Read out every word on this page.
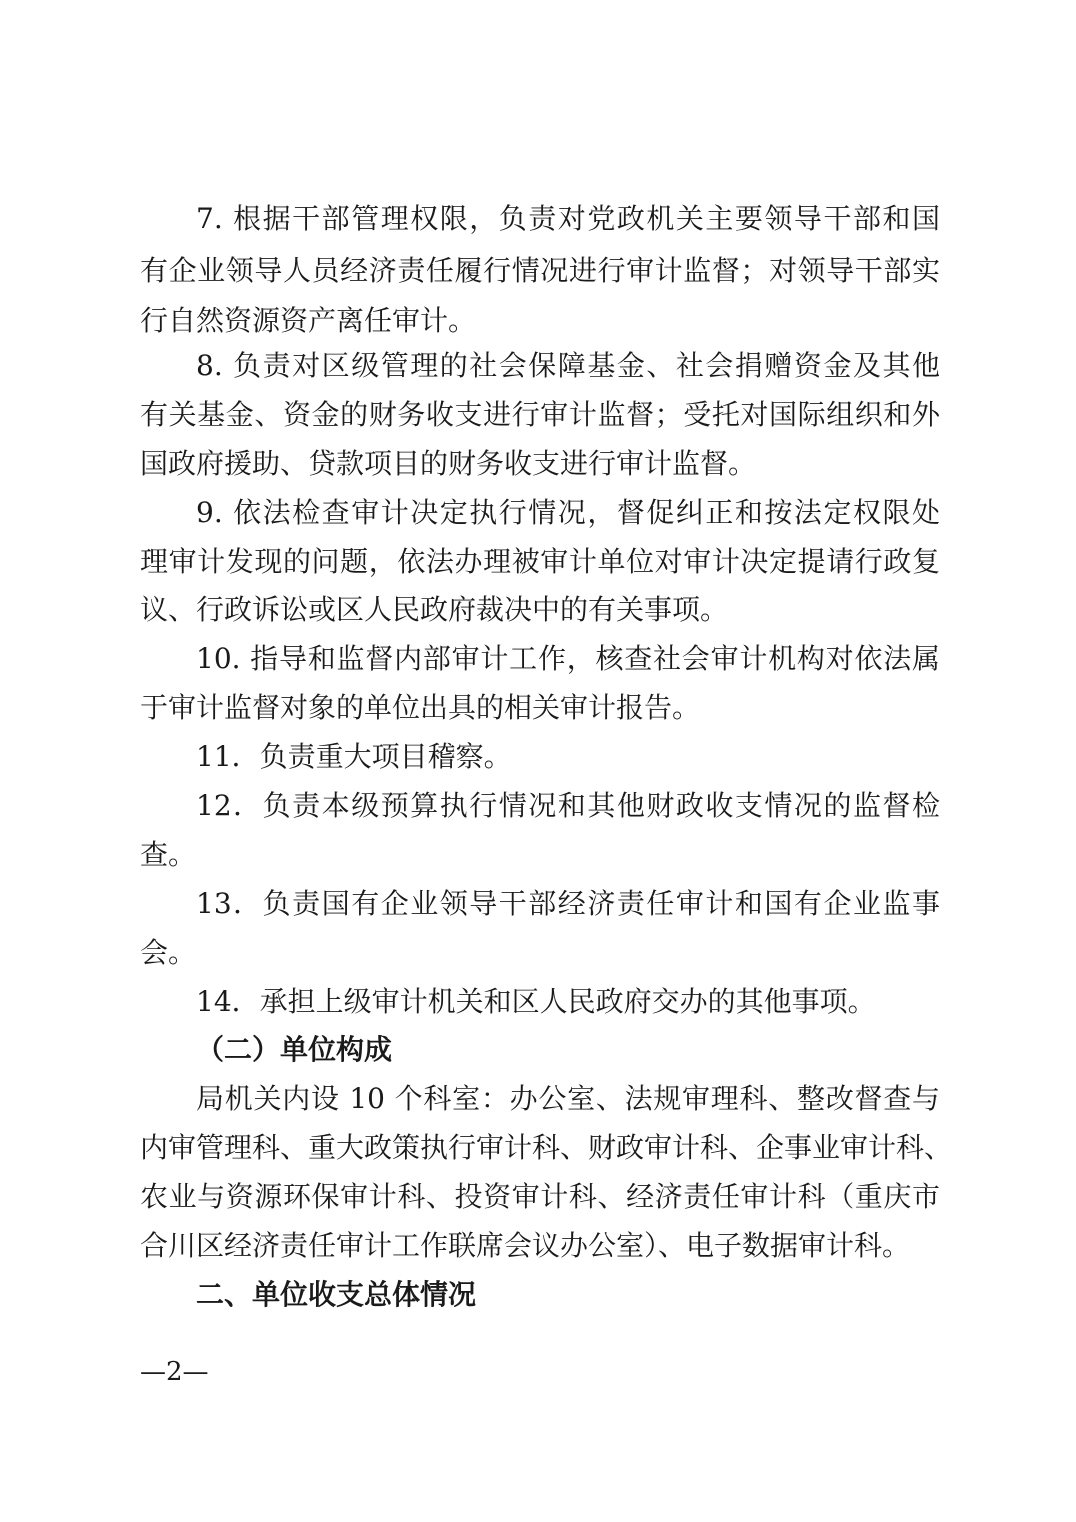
7. 根据干部管理权限，负责对党政机关主要领导干部和国
有企业领导人员经济责任履行情况进行审计监督；对领导干部实
行自然资源资产离任审计。
8. 负责对区级管理的社会保障基金、社会捐赠资金及其他
有关基金、资金的财务收支进行审计监督；受托对国际组织和外
国政府援助、贷款项目的财务收支进行审计监督。
9. 依法检查审计决定执行情况，督促纠正和按法定权限处
理审计发现的问题，依法办理被审计单位对审计决定提请行政复
议、行政诉讼或区人民政府裁决中的有关事项。
10. 指导和监督内部审计工作，核查社会审计机构对依法属
于审计监督对象的单位出具的相关审计报告。
11．负责重大项目稽察。
12．负责本级预算执行情况和其他财政收支情况的监督检
查。
13．负责国有企业领导干部经济责任审计和国有企业监事
会。
14．承担上级审计机关和区人民政府交办的其他事项。
（二）单位构成
局机关内设 10 个科室：办公室、法规审理科、整改督查与
内审管理科、重大政策执行审计科、财政审计科、企事业审计科、
农业与资源环保审计科、投资审计科、经济责任审计科（重庆市
合川区经济责任审计工作联席会议办公室）、电子数据审计科。
二、单位收支总体情况
—2—
